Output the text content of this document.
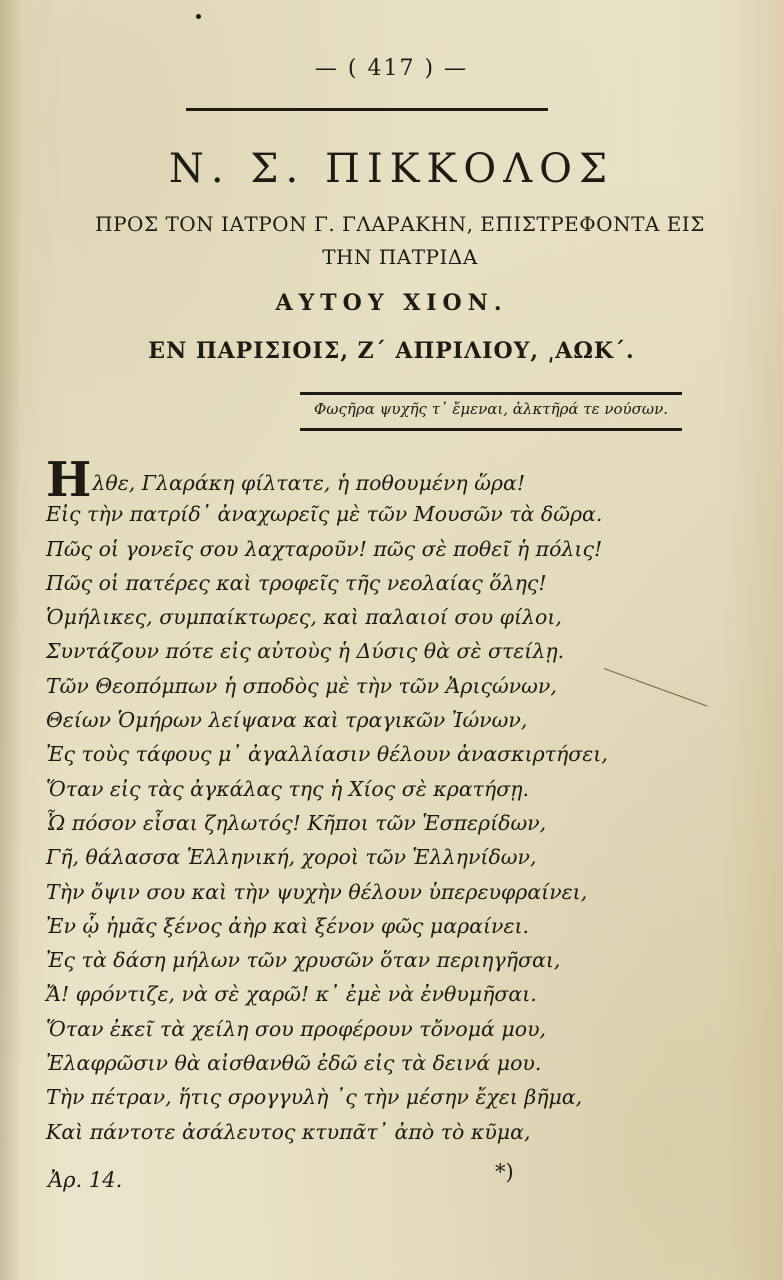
— ( 417 ) —
Ν. Σ. ΠΙΚΚΟΛΟΣ
ΠΡΟΣ ΤΟΝ ΙΑΤΡΟΝ Γ. ΓΛΑΡΑΚΗΝ, ΕΠΙΣΤΡΕΦΟΝΤΑ ΕΙΣ ΤΗΝ ΠΑΤΡΙΔΑ
ΑΥΤΟΥ ΧΙΟΝ.
ΕΝ ΠΑΡΙΣΙΟΙΣ, Ζ΄ ΑΠΡΙΛΙΟΥ, ͵ΑΩΚ΄.
Φωςῆρα ψυχῆς τ᾽ ἔμεναι, ἀλκτῆρά τε νούσων.
Ηλθε, Γλαράκη φίλτατε, ἡ ποθουμένη ὥρα!
Εἰς τὴν πατρίδ᾽ ἀναχωρεῖς μὲ τῶν Μουσῶν τὰ δῶρα.
Πῶς οἱ γονεῖς σου λαχταροῦν! πῶς σὲ ποθεῖ ἡ πόλις!
Πῶς οἱ πατέρες καὶ τροφεῖς τῆς νεολαίας ὅλης!
Ὁμήλικες, συμπαίκτωρες, καὶ παλαιοί σου φίλοι,
Συντάζουν πότε εἰς αὐτοὺς ἡ Δύσις θὰ σὲ στείλῃ.
Τῶν Θεοπόμπων ἡ σποδὸς μὲ τὴν τῶν Ἀριςώνων,
Θείων Ὁμήρων λείψανα καὶ τραγικῶν Ἰώνων,
Ἐς τοὺς τάφους μ᾽ ἀγαλλίασιν θέλουν ἀνασκιρτήσει,
Ὅταν εἰς τὰς ἀγκάλας της ἡ Χίος σὲ κρατήσῃ.
Ὦ πόσον εἶσαι ζηλωτός! Κῆποι τῶν Ἑσπερίδων,
Γῆ, θάλασσα Ἑλληνική, χοροὶ τῶν Ἑλληνίδων,
Τὴν ὄψιν σου καὶ τὴν ψυχὴν θέλουν ὑπερευφραίνει,
Ἐν ᾧ ἡμᾶς ξένος ἀὴρ καὶ ξένον φῶς μαραίνει.
Ἐς τὰ δάση μήλων τῶν χρυσῶν ὅταν περιηγῆσαι,
Ἄ! φρόντιζε, νὰ σὲ χαρῶ! κ᾽ ἐμὲ νὰ ἐνθυμῆσαι.
Ὅταν ἐκεῖ τὰ χείλη σου προφέρουν τὄνομά μου,
Ἐλαφρῶσιν θὰ αἰσθανθῶ ἐδῶ εἰς τὰ δεινά μου.
Τὴν πέτραν, ἥτις σρογγυλὴ ᾽ς τὴν μέσην ἔχει βῆμα,
Καὶ πάντοτε ἀσάλευτος κτυπᾶτ᾽ ἀπὸ τὸ κῦμα,
Ἀρ. 14.	*)
